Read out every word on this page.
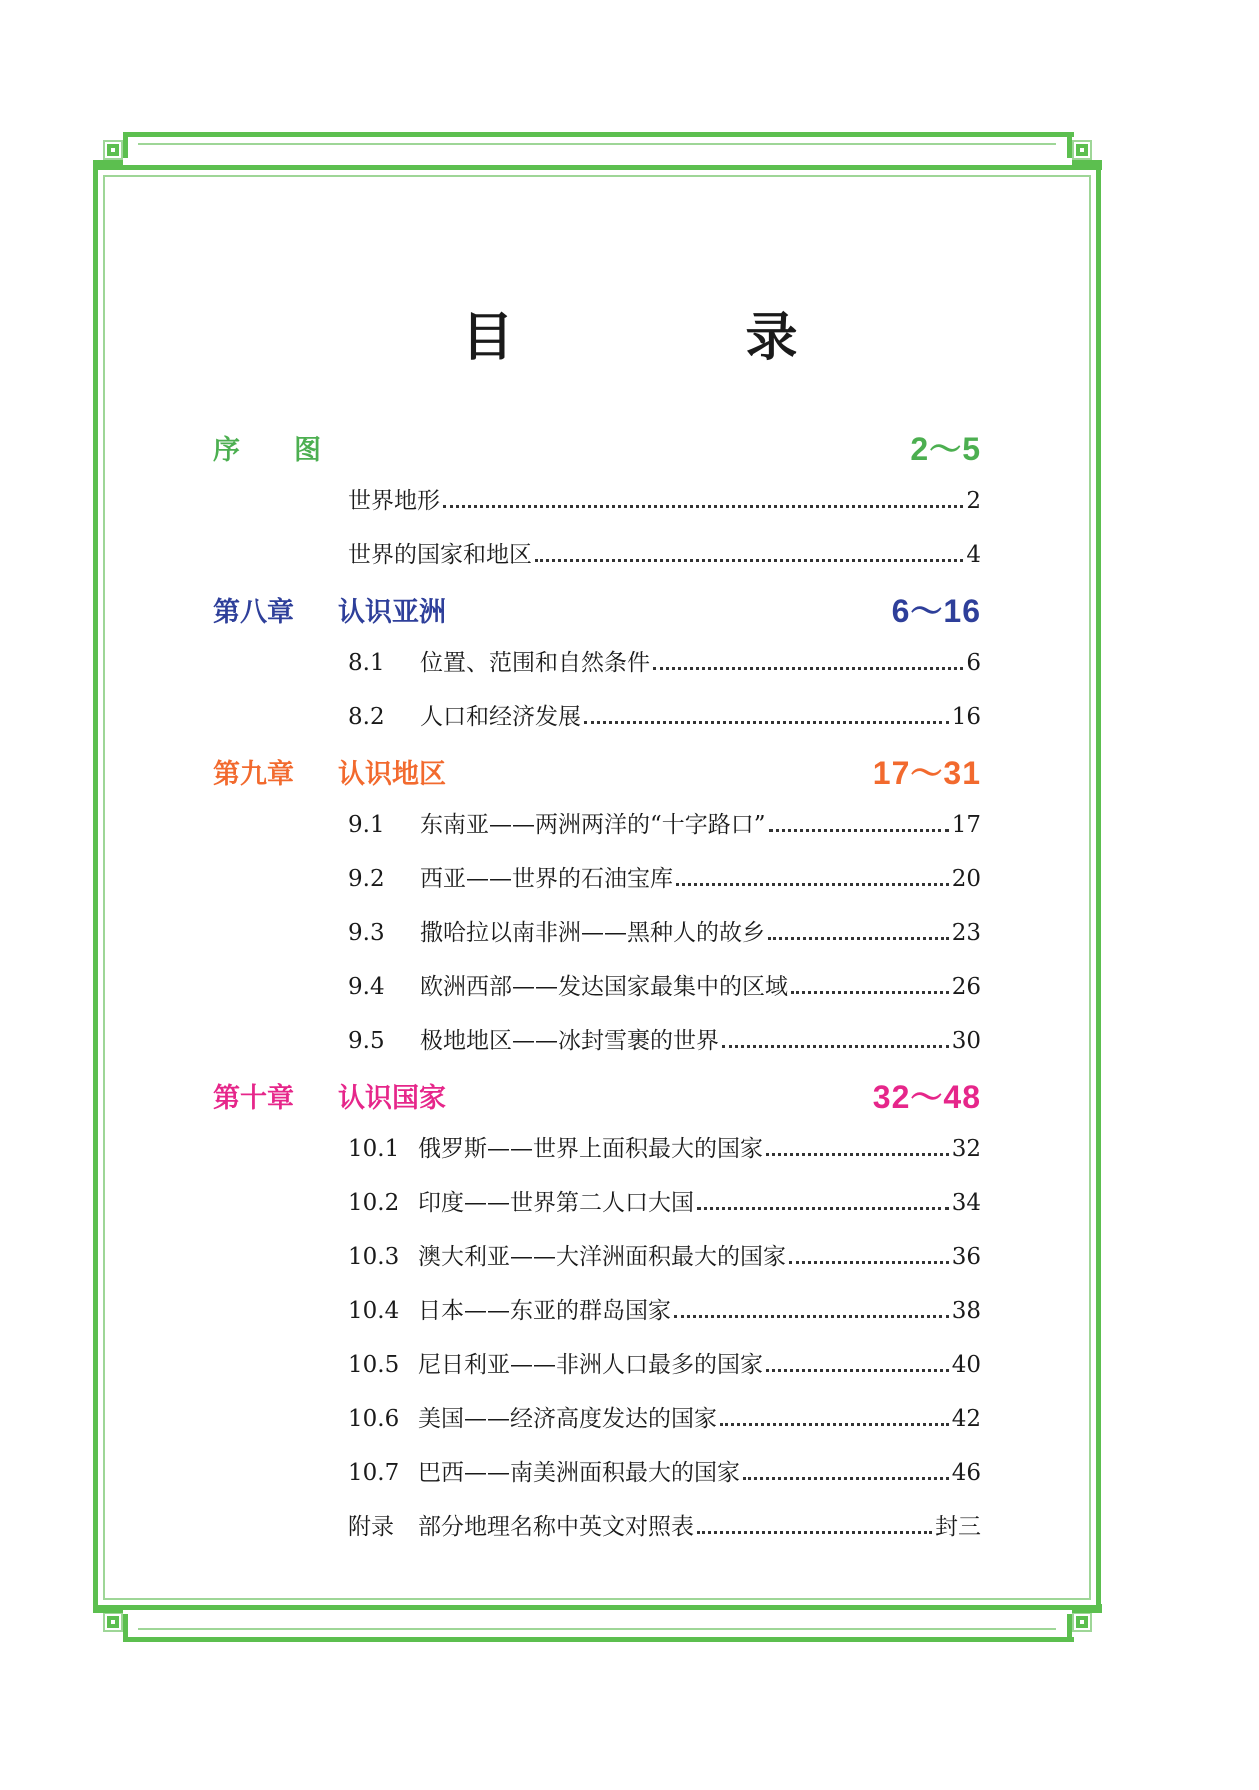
目　录
序　　图	2～5
世界地形	2
世界的国家和地区	4
第八章	认识亚洲	6～16
8.1	位置、范围和自然条件	6
8.2	人口和经济发展	16
第九章	认识地区	17～31
9.1	东南亚——两洲两洋的“十字路口”	17
9.2	西亚——世界的石油宝库	20
9.3	撒哈拉以南非洲——黑种人的故乡	23
9.4	欧洲西部——发达国家最集中的区域	26
9.5	极地地区——冰封雪裹的世界	30
第十章	认识国家	32～48
10.1 俄罗斯——世界上面积最大的国家	32
10.2 印度——世界第二人口大国	34
10.3 澳大利亚——大洋洲面积最大的国家	36
10.4 日本——东亚的群岛国家	38
10.5 尼日利亚——非洲人口最多的国家	40
10.6 美国——经济高度发达的国家	42
10.7 巴西——南美洲面积最大的国家	46
附录	部分地理名称中英文对照表	封三
